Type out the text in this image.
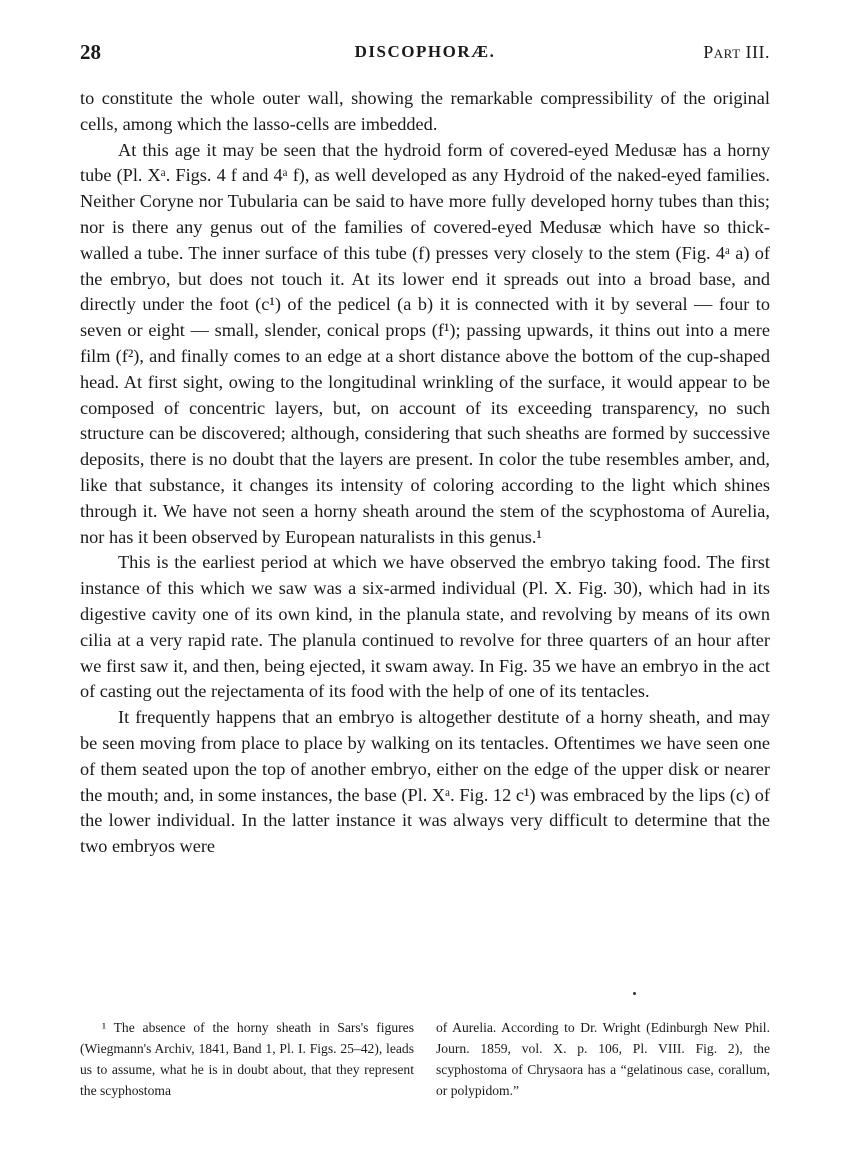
28	DISCOPHORÆ.	Part III.

to constitute the whole outer wall, showing the remarkable compressibility of the original cells, among which the lasso-cells are imbedded.

At this age it may be seen that the hydroid form of covered-eyed Medusæ has a horny tube (Pl. Xᵃ. Figs. 4 f and 4ᵃ f), as well developed as any Hydroid of the naked-eyed families. Neither Coryne nor Tubularia can be said to have more fully developed horny tubes than this; nor is there any genus out of the families of covered-eyed Medusæ which have so thick-walled a tube. The inner surface of this tube (f) presses very closely to the stem (Fig. 4ᵃ a) of the embryo, but does not touch it. At its lower end it spreads out into a broad base, and directly under the foot (c¹) of the pedicel (a b) it is connected with it by several — four to seven or eight — small, slender, conical props (f¹); passing upwards, it thins out into a mere film (f²), and finally comes to an edge at a short distance above the bottom of the cup-shaped head. At first sight, owing to the longitudinal wrinkling of the surface, it would appear to be composed of concentric layers, but, on account of its exceeding transparency, no such structure can be discovered; although, considering that such sheaths are formed by successive deposits, there is no doubt that the layers are present. In color the tube resembles amber, and, like that substance, it changes its intensity of coloring according to the light which shines through it. We have not seen a horny sheath around the stem of the scyphostoma of Aurelia, nor has it been observed by European naturalists in this genus.¹

This is the earliest period at which we have observed the embryo taking food. The first instance of this which we saw was a six-armed individual (Pl. X. Fig. 30), which had in its digestive cavity one of its own kind, in the planula state, and revolving by means of its own cilia at a very rapid rate. The planula continued to revolve for three quarters of an hour after we first saw it, and then, being ejected, it swam away. In Fig. 35 we have an embryo in the act of casting out the rejectamenta of its food with the help of one of its tentacles.

It frequently happens that an embryo is altogether destitute of a horny sheath, and may be seen moving from place to place by walking on its tentacles. Oftentimes we have seen one of them seated upon the top of another embryo, either on the edge of the upper disk or nearer the mouth; and, in some instances, the base (Pl. Xᵃ. Fig. 12 c¹) was embraced by the lips (c) of the lower individual. In the latter instance it was always very difficult to determine that the two embryos were

¹ The absence of the horny sheath in Sars's figures (Wiegmann's Archiv, 1841, Band 1, Pl. I. Figs. 25–42), leads us to assume, what he is in doubt about, that they represent the scyphostoma

of Aurelia. According to Dr. Wright (Edinburgh New Phil. Journ. 1859, vol. X. p. 106, Pl. VIII. Fig. 2), the scyphostoma of Chrysaora has a “gelatinous case, corallum, or polypidom.”
